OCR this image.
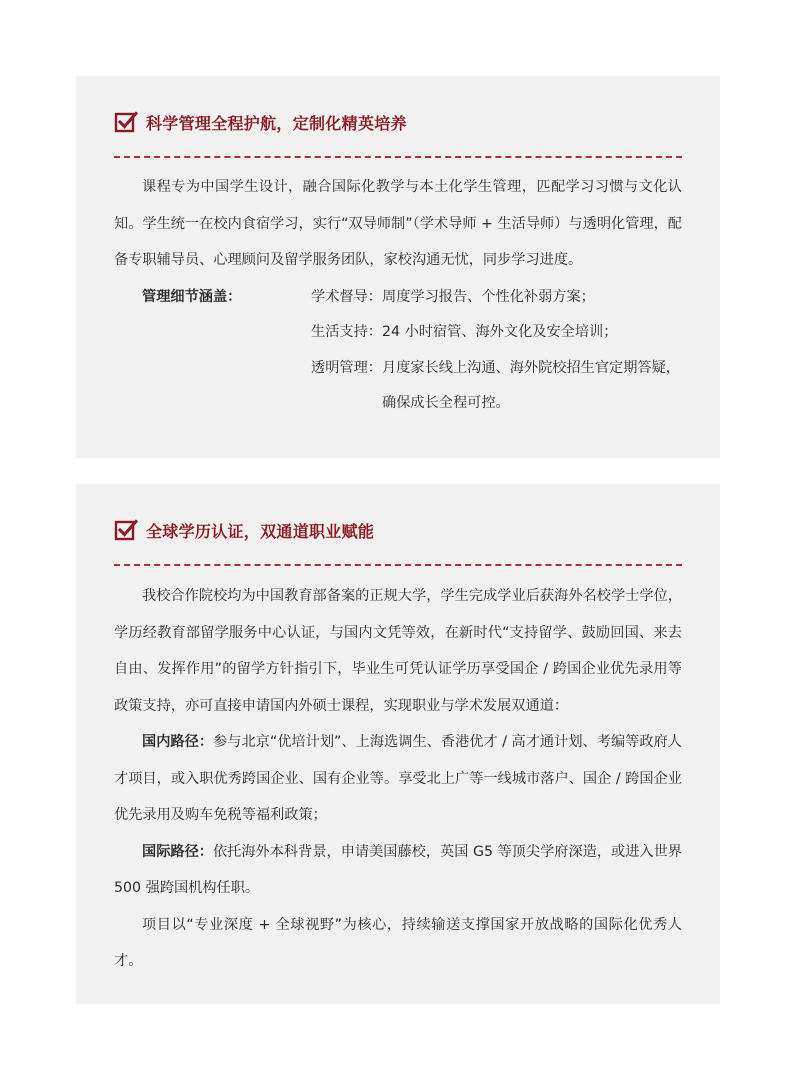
科学管理全程护航，定制化精英培养

课程专为中国学生设计，融合国际化教学与本土化学生管理，匹配学习习惯与文化认知。学生统一在校内食宿学习，实行“双导师制”（学术导师 + 生活导师）与透明化管理，配备专职辅导员、心理顾问及留学服务团队，家校沟通无忧，同步学习进度。

管理细节涵盖：	学术督导： 周度学习报告、个性化补弱方案；
生活支持： 24 小时宿管、海外文化及安全培训；
透明管理： 月度家长线上沟通、海外院校招生官定期答疑，确保成长全程可控。
全球学历认证，双通道职业赋能

我校合作院校均为中国教育部备案的正规大学，学生完成学业后获海外名校学士学位，学历经教育部留学服务中心认证，与国内文凭等效，在新时代“支持留学、鼓励回国、来去自由、发挥作用”的留学方针指引下，毕业生可凭认证学历享受国企 / 跨国企业优先录用等政策支持，亦可直接申请国内外硕士课程，实现职业与学术发展双通道：

国内路径：参与北京“优培计划”、上海选调生、香港优才 / 高才通计划、考编等政府人才项目，或入职优秀跨国企业、国有企业等。享受北上广等一线城市落户、国企 / 跨国企业优先录用及购车免税等福利政策；

国际路径：依托海外本科背景，申请美国藤校，英国 G5 等顶尖学府深造，或进入世界 500 强跨国机构任职。

项目以“专业深度 + 全球视野”为核心，持续输送支撑国家开放战略的国际化优秀人才。
